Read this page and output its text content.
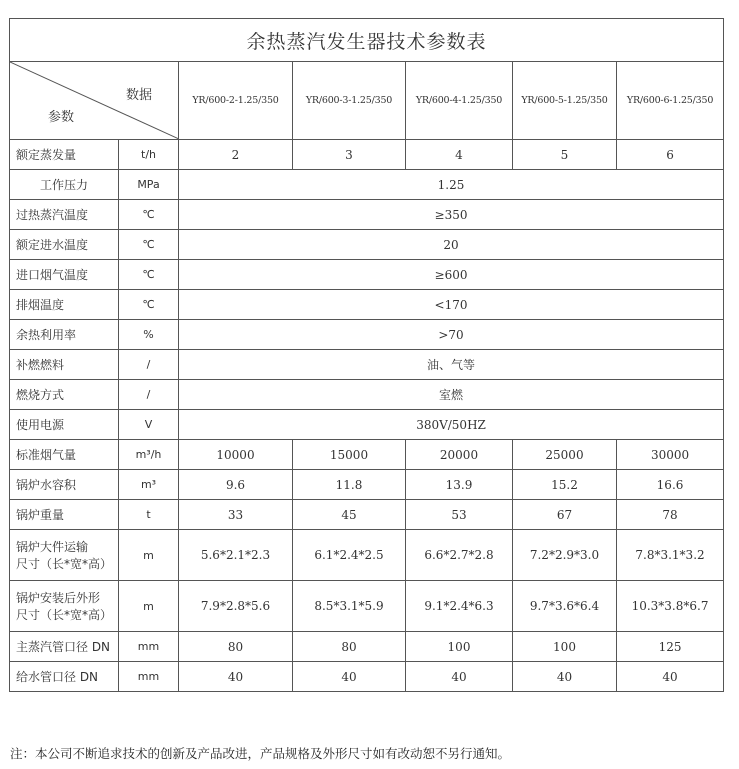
余热蒸汽发生器技术参数表						

数据
参数		YR/600-2-1.25/350	YR/600-3-1.25/350	YR/600-4-1.25/350	YR/600-5-1.25/350	YR/600-6-1.25/350
额定蒸发量	t/h	2	3	4	5	6
工作压力	MPa	1.25				
过热蒸汽温度	℃	≥350				
额定进水温度	℃	20				
进口烟气温度	℃	≥600				
排烟温度	℃	<170				
余热利用率	%	>70				
补燃燃料	/	油、气等				
燃烧方式	/	室燃				
使用电源	V	380V/50HZ				
标准烟气量	m³/h	10000	15000	20000	25000	30000
锅炉水容积	m³	9.6	11.8	13.9	15.2	16.6
锅炉重量	t	33	45	53	67	78

锅炉大件运输
尺寸（长*宽*高）	m	5.6*2.1*2.3	6.1*2.4*2.5	6.6*2.7*2.8	7.2*2.9*3.0	7.8*3.1*3.2

锅炉安装后外形
尺寸（长*宽*高）	m	7.9*2.8*5.6	8.5*3.1*5.9	9.1*2.4*6.3	9.7*3.6*6.4	10.3*3.8*6.7
主蒸汽管口径 DN	mm	80	80	100	100	125
给水管口径 DN	mm	40	40	40	40	40
注：本公司不断追求技术的创新及产品改进，产品规格及外形尺寸如有改动恕不另行通知。
